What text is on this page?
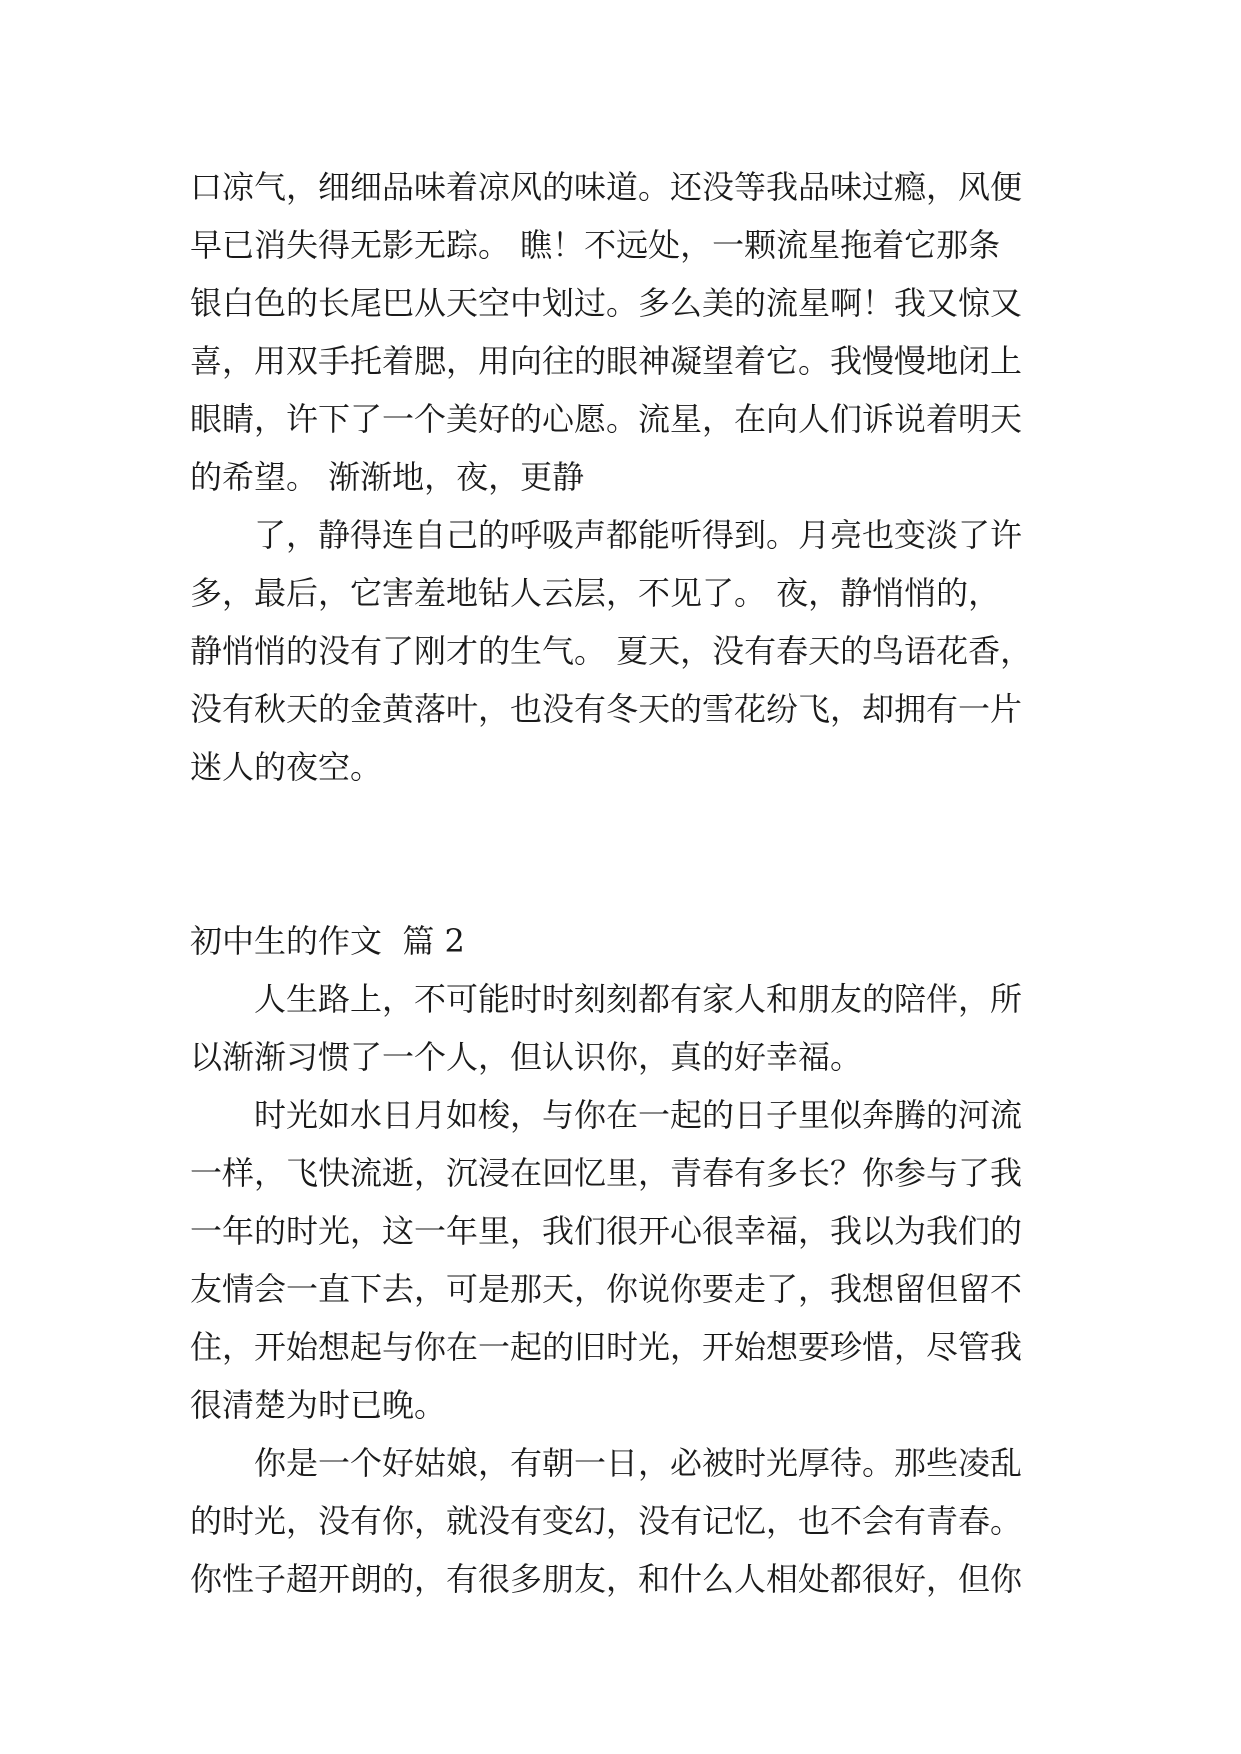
口凉气，细细品味着凉风的味道。还没等我品味过瘾，风便

早已消失得无影无踪。 瞧！不远处，一颗流星拖着它那条

银白色的长尾巴从天空中划过。多么美的流星啊！我又惊又

喜，用双手托着腮，用向往的眼神凝望着它。我慢慢地闭上

眼睛，许下了一个美好的心愿。流星，在向人们诉说着明天

的希望。 渐渐地，夜，更静

了，静得连自己的呼吸声都能听得到。月亮也变淡了许

多，最后，它害羞地钻人云层，不见了。 夜，静悄悄的，

静悄悄的没有了刚才的生气。 夏天，没有春天的鸟语花香，

没有秋天的金黄落叶，也没有冬天的雪花纷飞，却拥有一片

迷人的夜空。

初中生的作文  篇 2

人生路上，不可能时时刻刻都有家人和朋友的陪伴，所

以渐渐习惯了一个人，但认识你，真的好幸福。

时光如水日月如梭，与你在一起的日子里似奔腾的河流

一样，飞快流逝，沉浸在回忆里，青春有多长？你参与了我

一年的时光，这一年里，我们很开心很幸福，我以为我们的

友情会一直下去，可是那天，你说你要走了，我想留但留不

住，开始想起与你在一起的旧时光，开始想要珍惜，尽管我

很清楚为时已晚。

你是一个好姑娘，有朝一日，必被时光厚待。那些凌乱

的时光，没有你，就没有变幻，没有记忆，也不会有青春。

你性子超开朗的，有很多朋友，和什么人相处都很好，但你
